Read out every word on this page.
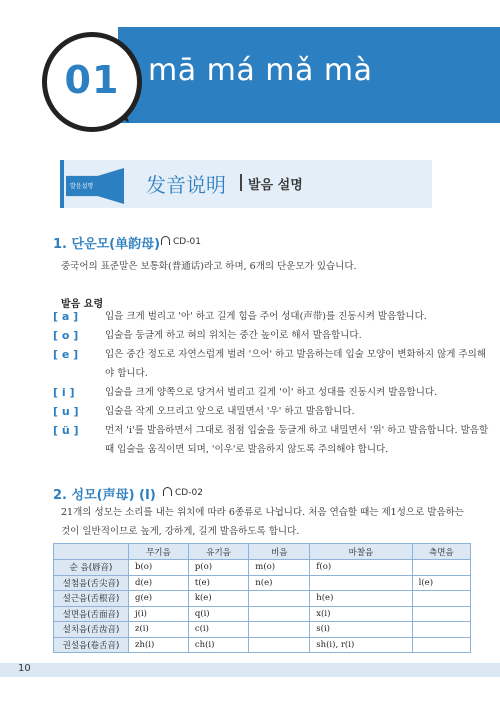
mā má mǎ mà
01
발음설명	发音说明 발음 설명
1. 단운모(单韵母)	CD-01
중국어의 표준말은 보통화(普通话)라고 하며, 6개의 단운모가 있습니다.
발음 요령
[ a ]	입을 크게 벌리고 '아' 하고 길게 힘을 주어 성대(声带)를 진동시켜 발음합니다.
[ o ]	입술을 둥글게 하고 혀의 위치는 중간 높이로 해서 발음합니다.
[ e ]	입은 중간 정도로 자연스럽게 벌려 '으어' 하고 발음하는데 입술 모양이 변화하지 않게 주의해야 합니다.
[ i ]	입술을 크게 양쪽으로 당겨서 벌리고 길게 '이' 하고 성대를 진동시켜 발음합니다.
[ u ]	입술을 작게 오므리고 앞으로 내밀면서 '우' 하고 발음합니다.
[ ü ]	먼저 'i'를 발음하면서 그대로 점점 입술을 둥글게 하고 내밀면서 '위' 하고 발음합니다. 발음할 때 입술을 움직이면 되며, '이우'로 발음하지 않도록 주의해야 합니다.
2. 성모(声母) (I)	CD-02
21개의 성모는 소리를 내는 위치에 따라 6종류로 나뉩니다. 처음 연습할 때는 제1성으로 발음하는 것이 일반적이므로 높게, 강하게, 길게 발음하도록 합니다.
	무기음	유기음	비음	마찰음	측면음
순 음(唇音)	b(o)	p(o)	m(o)	f(o)	
설첨음(舌尖音)	d(e)	t(e)	n(e)		l(e)
설근음(舌根音)	g(e)	k(e)		h(e)	
설면음(舌面音)	j(i)	q(i)		x(i)	
설치음(舌齿音)	z(i)	c(i)		s(i)	
권설음(卷舌音)	zh(i)	ch(i)		sh(i), r(i)	
10
